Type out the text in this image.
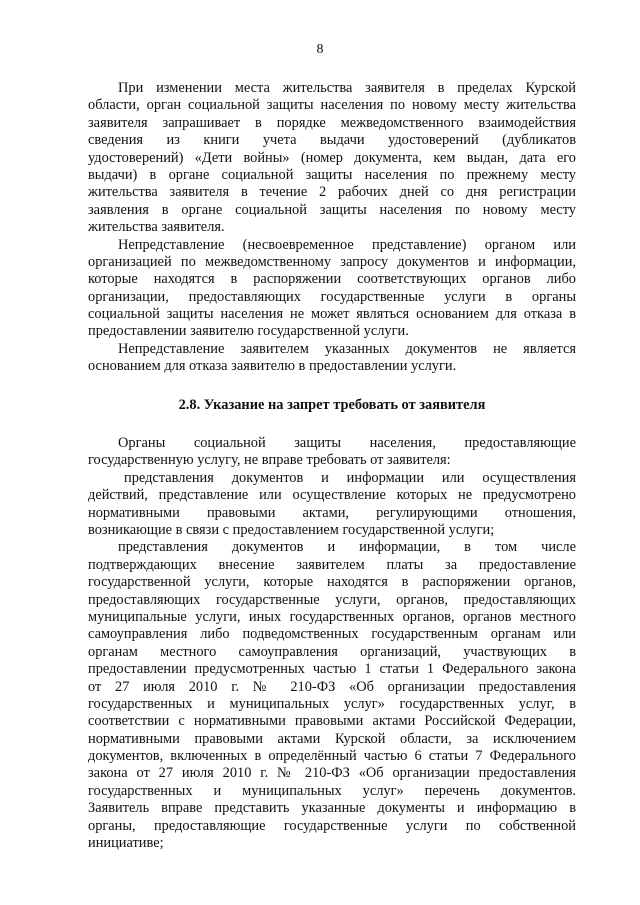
8
При изменении места жительства заявителя в пределах Курской
области, орган социальной защиты населения по новому месту жительства
заявителя запрашивает в порядке межведомственного взаимодействия
сведения из книги учета выдачи удостоверений (дубликатов
удостоверений) «Дети войны» (номер документа, кем выдан, дата его
выдачи) в органе социальной защиты населения по прежнему месту
жительства заявителя в течение 2 рабочих дней со дня регистрации
заявления в органе социальной защиты населения по новому месту
жительства заявителя.
Непредставление (несвоевременное представление) органом или
организацией по межведомственному запросу документов и информации,
которые находятся в распоряжении соответствующих органов либо
организации, предоставляющих государственные услуги в органы
социальной защиты населения не может являться основанием для отказа в
предоставлении заявителю государственной услуги.
Непредставление заявителем указанных документов не является
основанием для отказа заявителю в предоставлении услуги.
2.8. Указание на запрет требовать от заявителя
Органы социальной защиты населения, предоставляющие
государственную услугу, не вправе требовать от заявителя:
представления документов и информации или осуществления
действий, представление или осуществление которых не предусмотрено
нормативными правовыми актами, регулирующими отношения,
возникающие в связи с предоставлением государственной услуги;
представления документов и информации, в том числе
подтверждающих внесение заявителем платы за предоставление
государственной услуги, которые находятся в распоряжении органов,
предоставляющих государственные услуги, органов, предоставляющих
муниципальные услуги, иных государственных органов, органов местного
самоуправления либо подведомственных государственным органам или
органам местного самоуправления организаций, участвующих в
предоставлении предусмотренных частью 1 статьи 1 Федерального закона
от 27 июля 2010 г. № 210-ФЗ «Об организации предоставления
государственных и муниципальных услуг» государственных услуг, в
соответствии с нормативными правовыми актами Российской Федерации,
нормативными правовыми актами Курской области, за исключением
документов, включенных в определённый частью 6 статьи 7 Федерального
закона от 27 июля 2010 г. № 210-ФЗ «Об организации предоставления
государственных и муниципальных услуг» перечень документов.
Заявитель вправе представить указанные документы и информацию в
органы, предоставляющие государственные услуги по собственной
инициативе;
